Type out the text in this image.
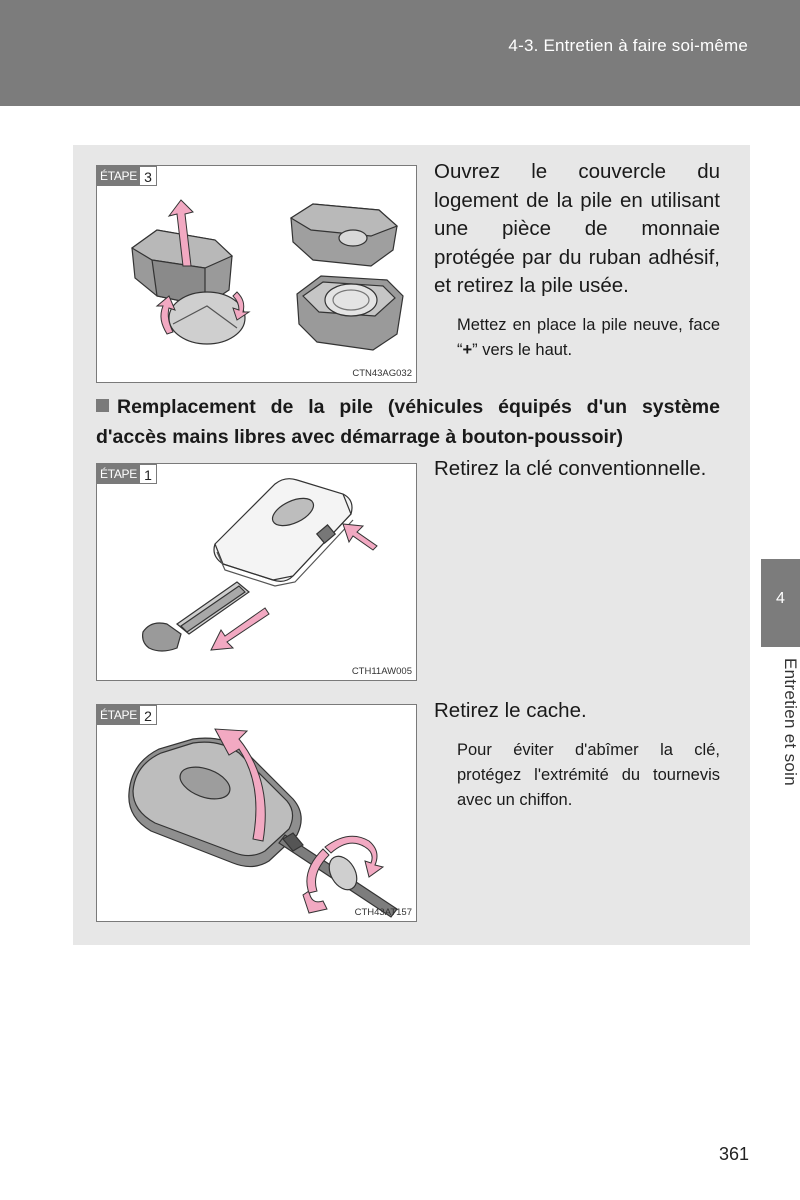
4-3. Entretien à faire soi-même
ÉTAPE 3
CTN43AG032
Ouvrez le couvercle du logement de la pile en utilisant une pièce de monnaie protégée par du ruban adhésif, et retirez la pile usée.
Mettez en place la pile neuve, face “+” vers le haut.
Remplacement de la pile (véhicules équipés d'un système d'accès mains libres avec démarrage à bouton-poussoir)
ÉTAPE 1
CTH11AW005
Retirez la clé conventionnelle.
ÉTAPE 2
CTH43AT157
Retirez le cache.
Pour éviter d'abîmer la clé, protégez l'extrémité du tournevis avec un chiffon.
4
Entretien et soin
361
